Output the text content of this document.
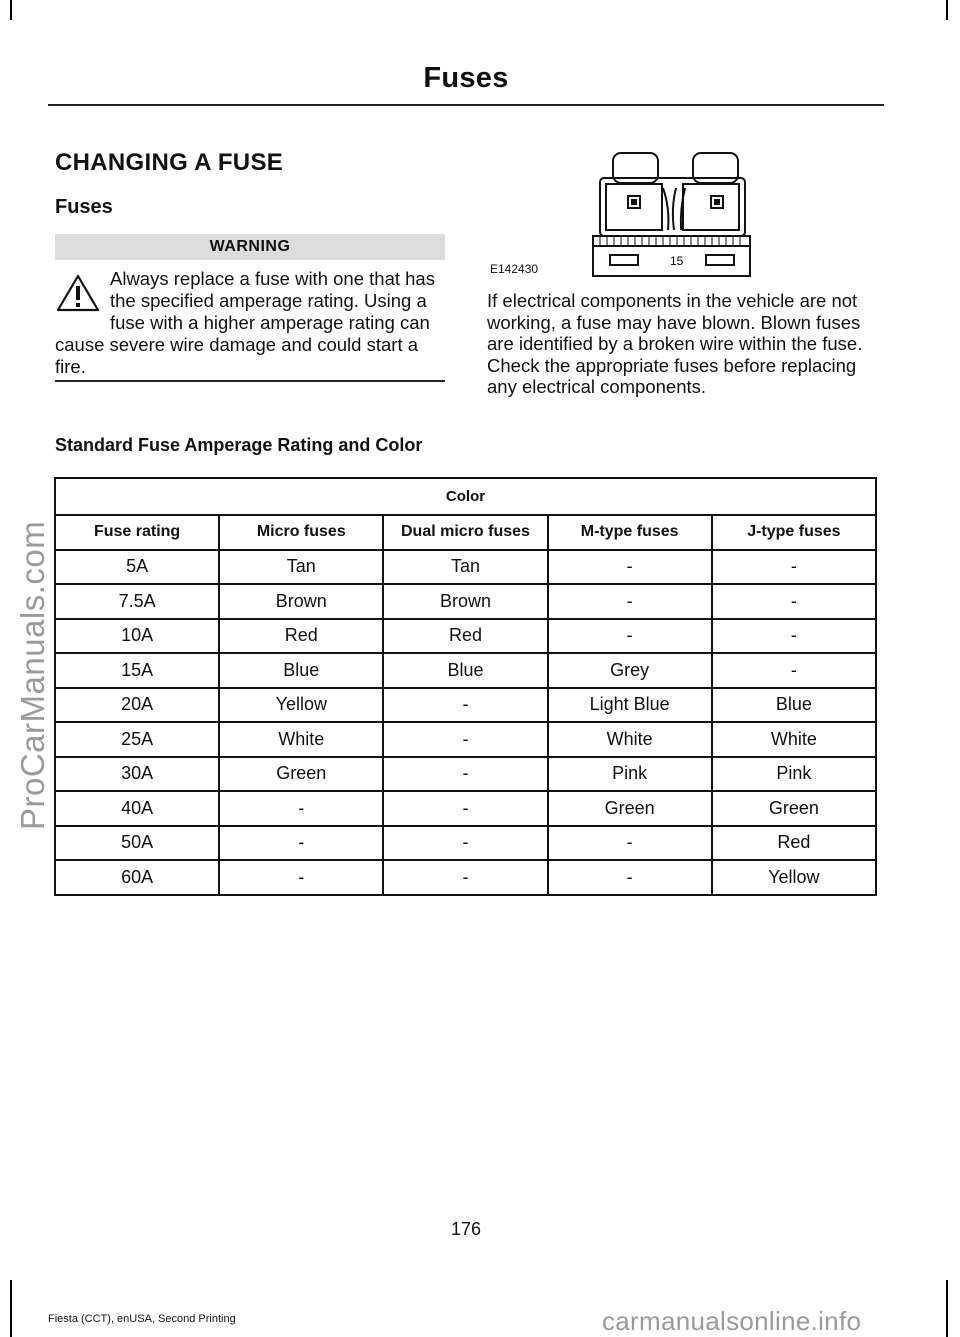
Fuses
CHANGING A FUSE
Fuses
WARNING
Always replace a fuse with one that has the specified amperage rating. Using a fuse with a higher amperage rating can cause severe wire damage and could start a fire.
15
E142430
If electrical components in the vehicle are not working, a fuse may have blown. Blown fuses are identified by a broken wire within the fuse. Check the appropriate fuses before replacing any electrical components.
Standard Fuse Amperage Rating and Color
Color				
Fuse rating	Micro fuses	Dual micro fuses	M-type fuses	J-type fuses
5A	Tan	Tan	-	-
7.5A	Brown	Brown	-	-
10A	Red	Red	-	-
15A	Blue	Blue	Grey	-
20A	Yellow	-	Light Blue	Blue
25A	White	-	White	White
30A	Green	-	Pink	Pink
40A	-	-	Green	Green
50A	-	-	-	Red
60A	-	-	-	Yellow
176
Fiesta (CCT), enUSA, Second Printing
ProCarManuals.com
carmanualsonline.info
